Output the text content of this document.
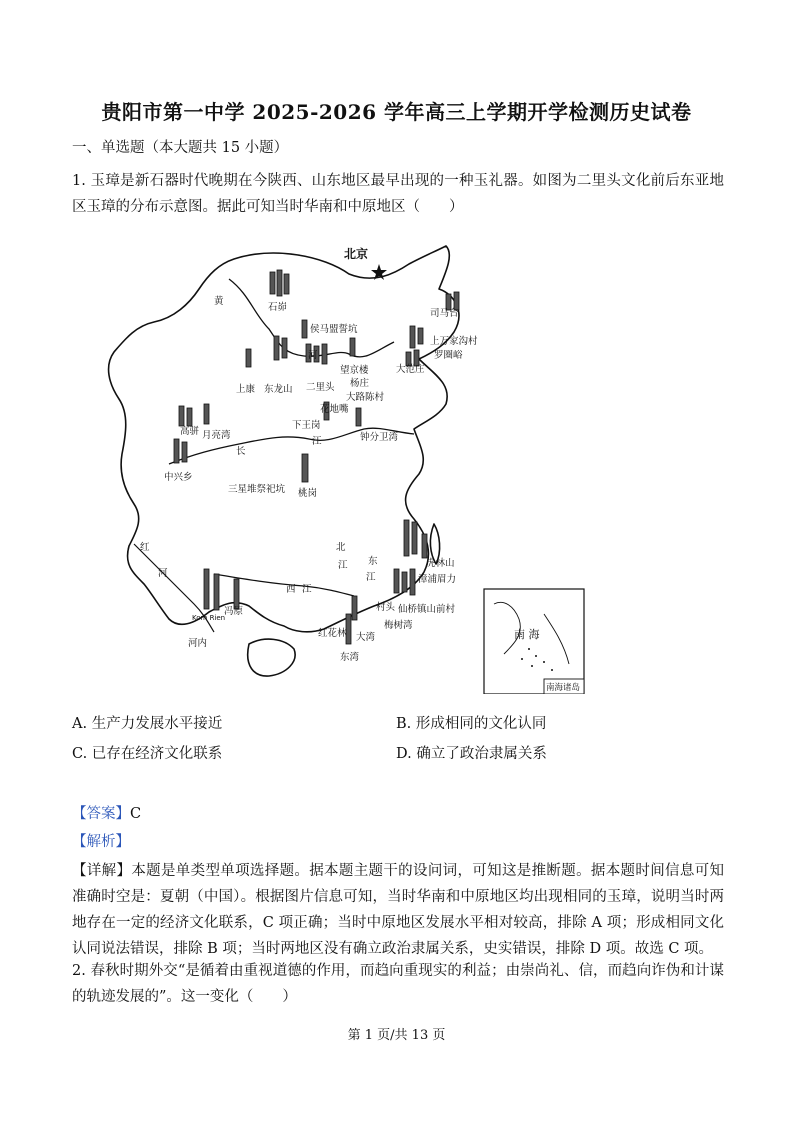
贵阳市第一中学 2025-2026 学年高三上学期开学检测历史试卷
一、单选题（本大题共 15 小题）
1. 玉璋是新石器时代晚期在今陕西、山东地区最早出现的一种玉礼器。如图为二里头文化前后东亚地区玉璋的分布示意图。据此可知当时华南和中原地区（　　）
北京
石峁
侯马盟誓坑
司马台
上万家沟村
罗圈峪
大范庄
上康 东龙山 二里头
望京楼
杨庄
大路陈村
花地嘴
下王岗
钟分卫湾
高骈 月亮湾
中兴乡
三星堆祭祀坑 桃岗
虎林山
漳浦眉力
仙桥镇山前村
村头
梅树湾
红花林 大湾
东湾
冯原
Kom Rien
河内
南 海
南海诸岛
黄
河
长
江
红
河
西 江
北
江 东
江
A. 生产力发展水平接近	B. 形成相同的文化认同
C. 已存在经济文化联系	D. 确立了政治隶属关系
【答案】C
【解析】
【详解】本题是单类型单项选择题。据本题主题干的设问词，可知这是推断题。据本题时间信息可知准确时空是：夏朝（中国）。根据图片信息可知，当时华南和中原地区均出现相同的玉璋，说明当时两地存在一定的经济文化联系，C 项正确；当时中原地区发展水平相对较高，排除 A 项；形成相同文化认同说法错误，排除 B 项；当时两地区没有确立政治隶属关系，史实错误，排除 D 项。故选 C 项。
2. 春秋时期外交“是循着由重视道德的作用，而趋向重现实的利益；由崇尚礼、信，而趋向诈伪和计谋的轨迹发展的”。这一变化（　　）
第 1 页/共 13 页
